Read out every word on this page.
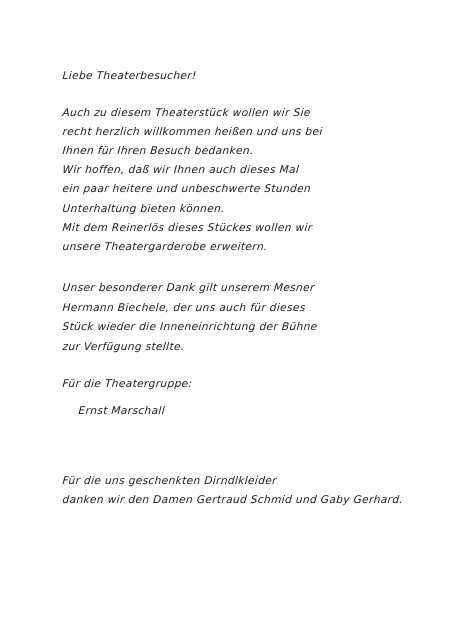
Liebe Theaterbesucher!
Auch zu diesem Theaterstück wollen wir Sie
recht herzlich willkommen heißen und uns bei
Ihnen für Ihren Besuch bedanken.
Wir hoffen, daß wir Ihnen auch dieses Mal
ein paar heitere und unbeschwerte Stunden
Unterhaltung bieten können.
Mit dem Reinerlös dieses Stückes wollen wir
unsere Theatergarderobe erweitern.
Unser besonderer Dank gilt unserem Mesner
Hermann Biechele, der uns auch für dieses
Stück wieder die Inneneinrichtung der Bühne
zur Verfügung stellte.
Für die Theatergruppe:
Ernst Marschall
Für die uns geschenkten Dirndlkleider
danken wir den Damen Gertraud Schmid und Gaby Gerhard.
